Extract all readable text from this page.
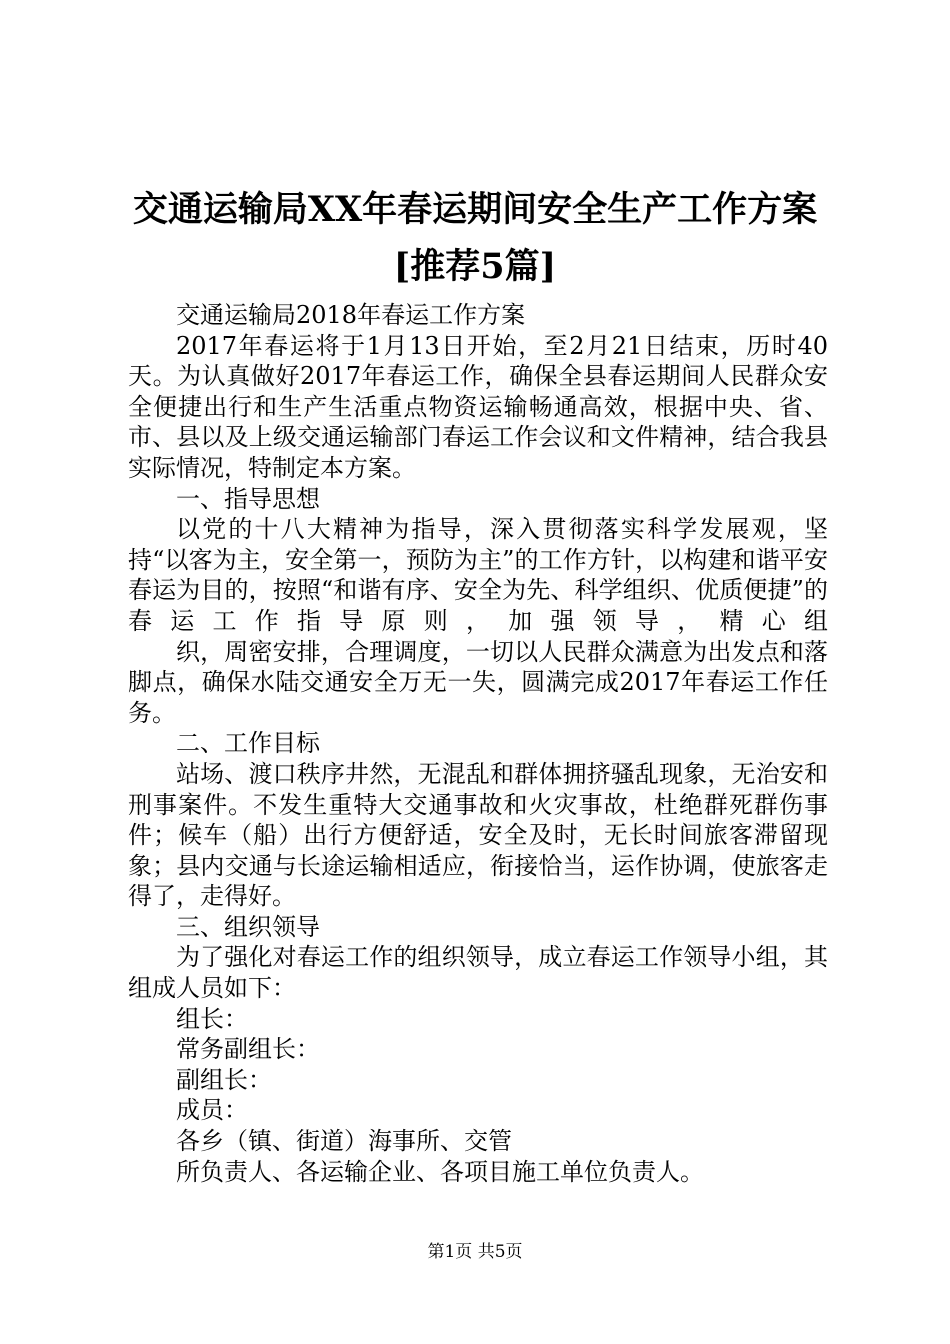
交通运输局XX年春运期间安全生产工作方案
[推荐5篇]

交通运输局2018年春运工作方案

2017年春运将于1月13日开始，至2月21日结束，历时40天。为认真做好2017年春运工作，确保全县春运期间人民群众安全便捷出行和生产生活重点物资运输畅通高效，根据中央、省、市、县以及上级交通运输部门春运工作会议和文件精神，结合我县实际情况，特制定本方案。

一、指导思想

以党的十八大精神为指导，深入贯彻落实科学发展观，坚持“以客为主，安全第一，预防为主”的工作方针，以构建和谐平安春运为目的，按照“和谐有序、安全为先、科学组织、优质便捷”的春运工作指导原则，加强领导，精心组

织，周密安排，合理调度，一切以人民群众满意为出发点和落脚点，确保水陆交通安全万无一失，圆满完成2017年春运工作任务。

二、工作目标

站场、渡口秩序井然，无混乱和群体拥挤骚乱现象，无治安和刑事案件。不发生重特大交通事故和火灾事故，杜绝群死群伤事件；候车（船）出行方便舒适，安全及时，无长时间旅客滞留现象；县内交通与长途运输相适应，衔接恰当，运作协调，使旅客走得了，走得好。

三、组织领导

为了强化对春运工作的组织领导，成立春运工作领导小组，其组成人员如下：

组长：

常务副组长：

副组长：

成员：

各乡（镇、街道）海事所、交管

所负责人、各运输企业、各项目施工单位负责人。

第1页 共5页
